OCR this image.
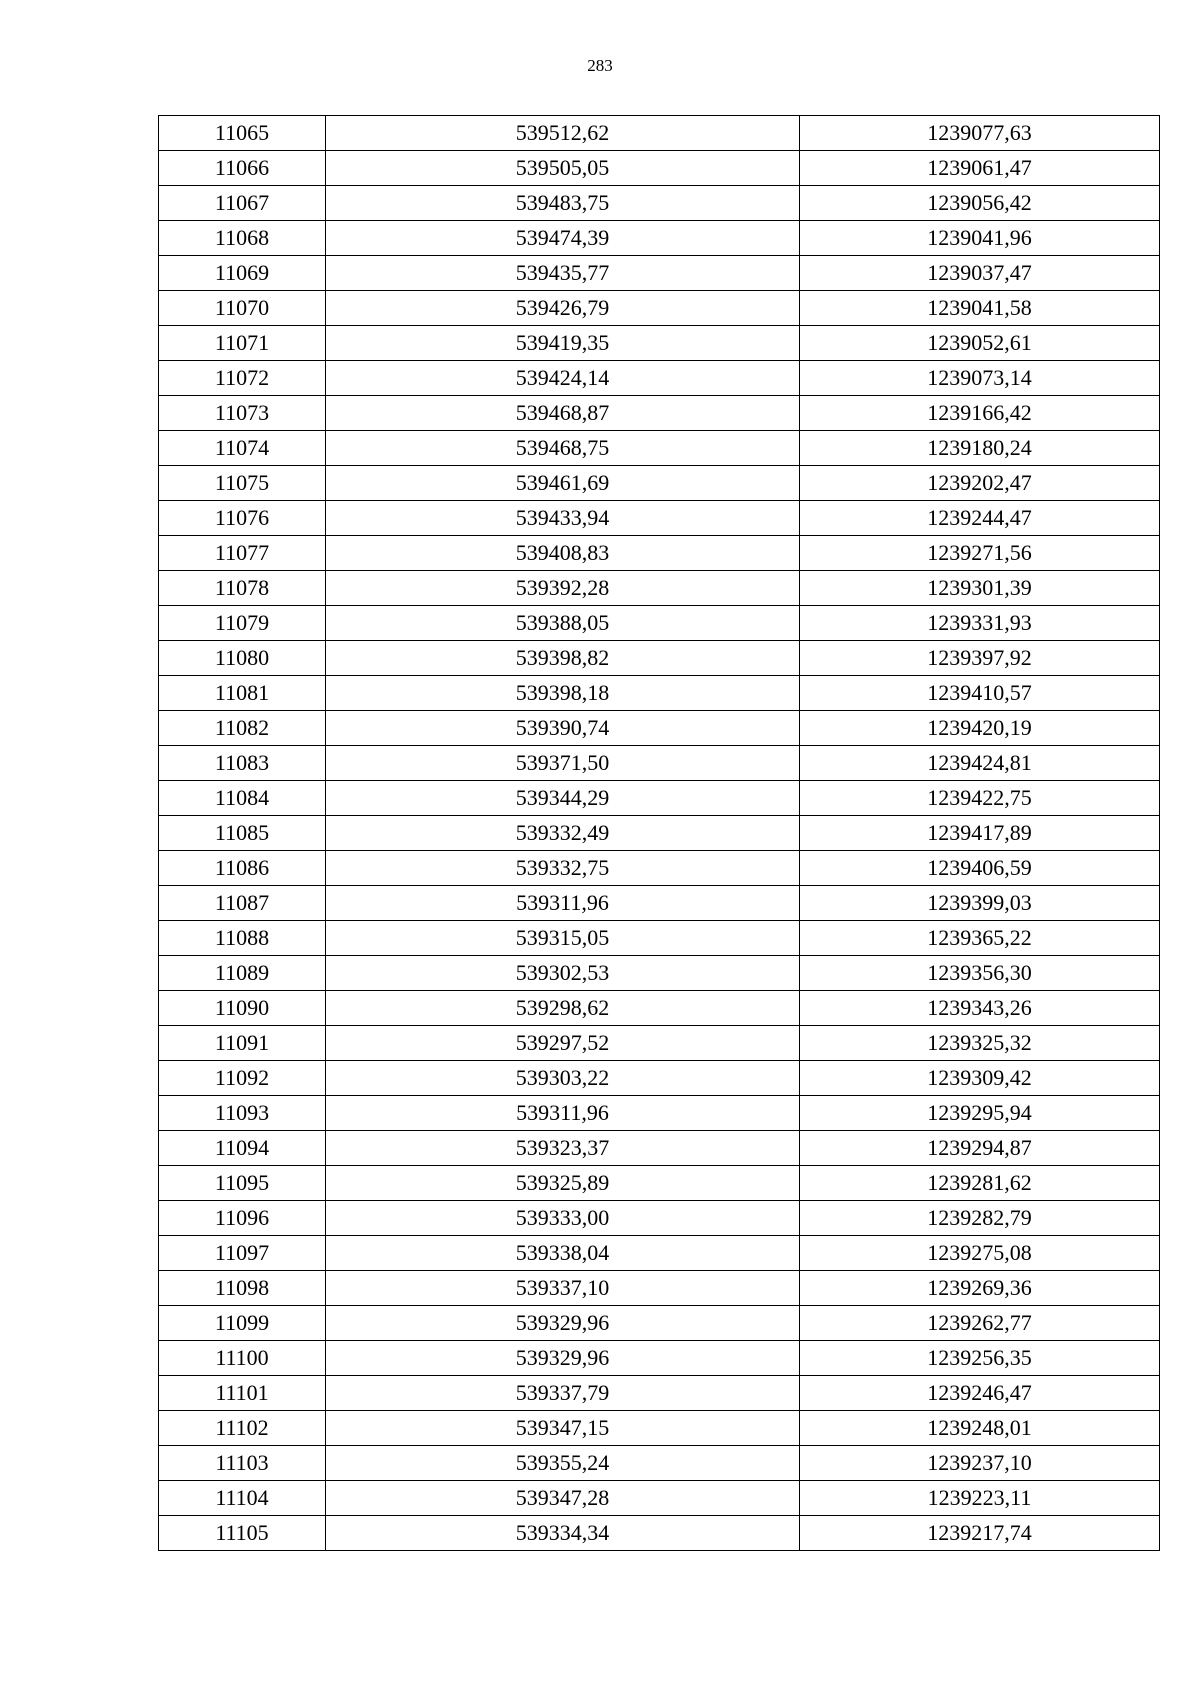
283
11065	539512,62	1239077,63
11066	539505,05	1239061,47
11067	539483,75	1239056,42
11068	539474,39	1239041,96
11069	539435,77	1239037,47
11070	539426,79	1239041,58
11071	539419,35	1239052,61
11072	539424,14	1239073,14
11073	539468,87	1239166,42
11074	539468,75	1239180,24
11075	539461,69	1239202,47
11076	539433,94	1239244,47
11077	539408,83	1239271,56
11078	539392,28	1239301,39
11079	539388,05	1239331,93
11080	539398,82	1239397,92
11081	539398,18	1239410,57
11082	539390,74	1239420,19
11083	539371,50	1239424,81
11084	539344,29	1239422,75
11085	539332,49	1239417,89
11086	539332,75	1239406,59
11087	539311,96	1239399,03
11088	539315,05	1239365,22
11089	539302,53	1239356,30
11090	539298,62	1239343,26
11091	539297,52	1239325,32
11092	539303,22	1239309,42
11093	539311,96	1239295,94
11094	539323,37	1239294,87
11095	539325,89	1239281,62
11096	539333,00	1239282,79
11097	539338,04	1239275,08
11098	539337,10	1239269,36
11099	539329,96	1239262,77
11100	539329,96	1239256,35
11101	539337,79	1239246,47
11102	539347,15	1239248,01
11103	539355,24	1239237,10
11104	539347,28	1239223,11
11105	539334,34	1239217,74
